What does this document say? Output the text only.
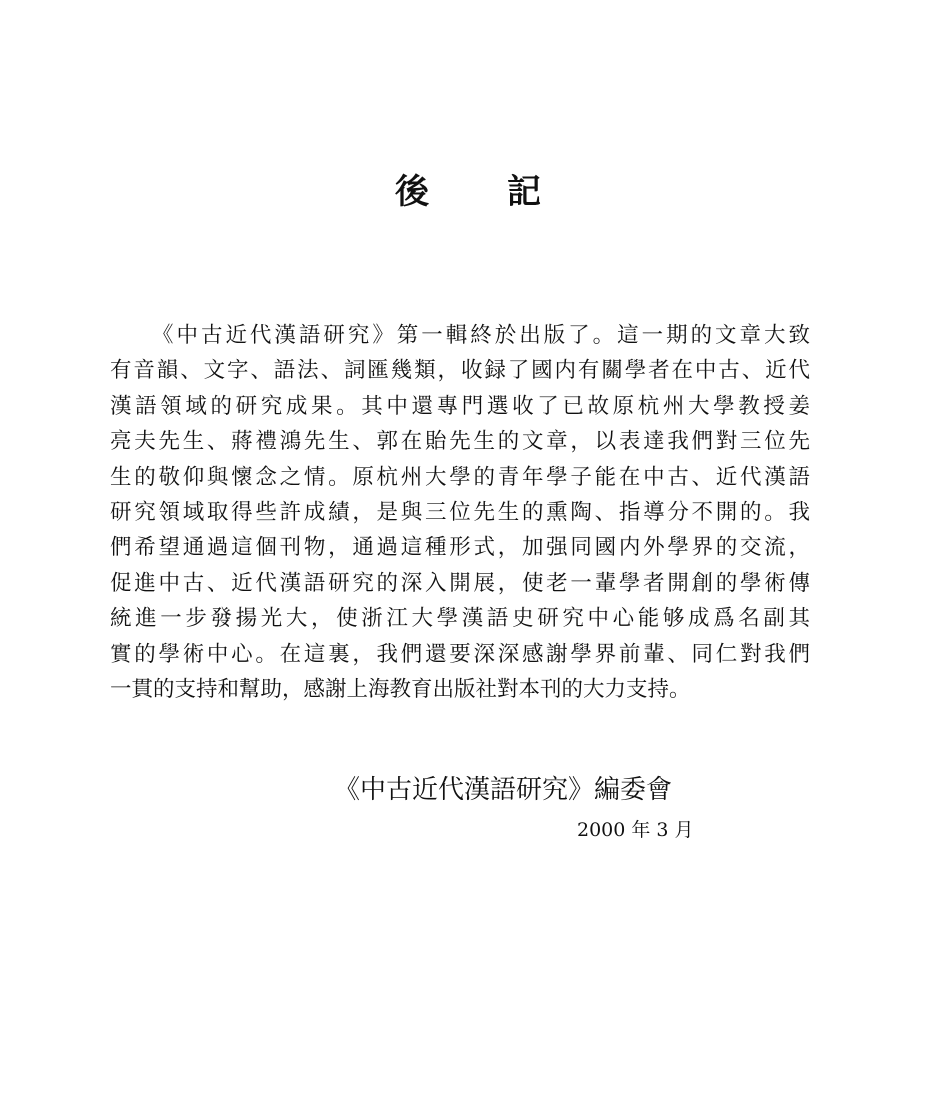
後 記
《中古近代漢語研究》第一輯終於出版了。這一期的文章大致
有音韻、文字、語法、詞匯幾類，收録了國内有關學者在中古、近代
漢語領域的研究成果。其中還專門選收了已故原杭州大學教授姜
亮夫先生、蔣禮鴻先生、郭在貽先生的文章，以表達我們對三位先
生的敬仰與懷念之情。原杭州大學的青年學子能在中古、近代漢語
研究領域取得些許成績，是與三位先生的熏陶、指導分不開的。我
們希望通過這個刊物，通過這種形式，加强同國内外學界的交流，
促進中古、近代漢語研究的深入開展，使老一輩學者開創的學術傳
統進一步發揚光大，使浙江大學漢語史研究中心能够成爲名副其
實的學術中心。在這裏，我們還要深深感謝學界前輩、同仁對我們
一貫的支持和幫助，感謝上海教育出版社對本刊的大力支持。
《中古近代漢語研究》編委會
2000 年 3 月
